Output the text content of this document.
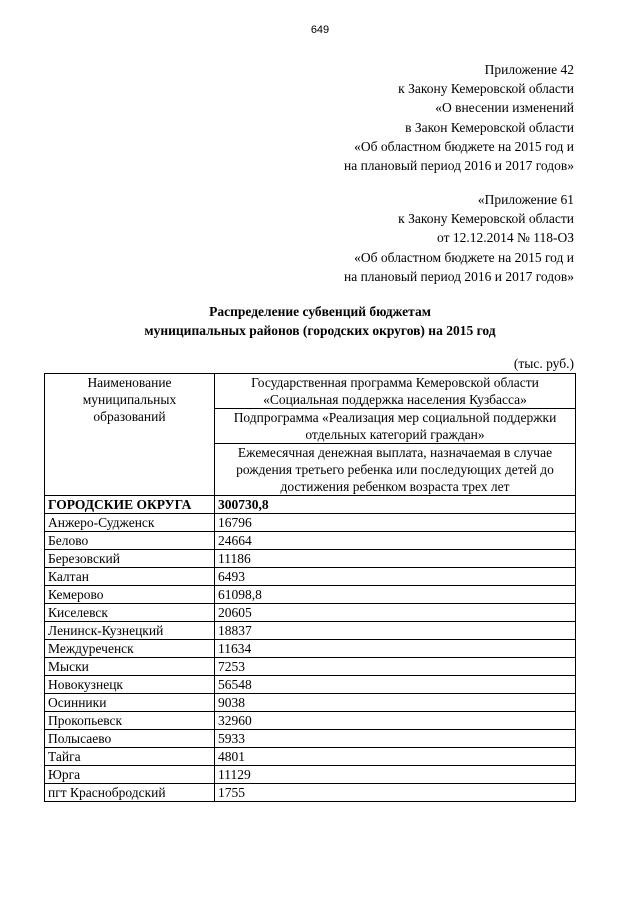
649
Приложение 42
к Закону Кемеровской области
«О внесении изменений
в Закон Кемеровской области
«Об областном бюджете на 2015 год и
на плановый период 2016 и 2017 годов»
«Приложение 61
к Закону Кемеровской области
от 12.12.2014 № 118-ОЗ
«Об областном бюджете на 2015 год и
на плановый период 2016 и 2017 годов»
Распределение субвенций бюджетам
муниципальных районов (городских округов) на 2015 год
(тыс. руб.)
Наименование муниципальных образований	Государственная программа Кемеровской области «Социальная поддержка населения Кузбасса»
	Подпрограмма «Реализация мер социальной поддержки отдельных категорий граждан»
	Ежемесячная денежная выплата, назначаемая в случае рождения третьего ребенка или последующих детей до достижения ребенком возраста трех лет
ГОРОДСКИЕ ОКРУГА	300730,8
Анжеро-Судженск	16796
Белово	24664
Березовский	11186
Калтан	6493
Кемерово	61098,8
Киселевск	20605
Ленинск-Кузнецкий	18837
Междуреченск	11634
Мыски	7253
Новокузнецк	56548
Осинники	9038
Прокопьевск	32960
Полысаево	5933
Тайга	4801
Юрга	11129
пгт Краснобродский	1755
